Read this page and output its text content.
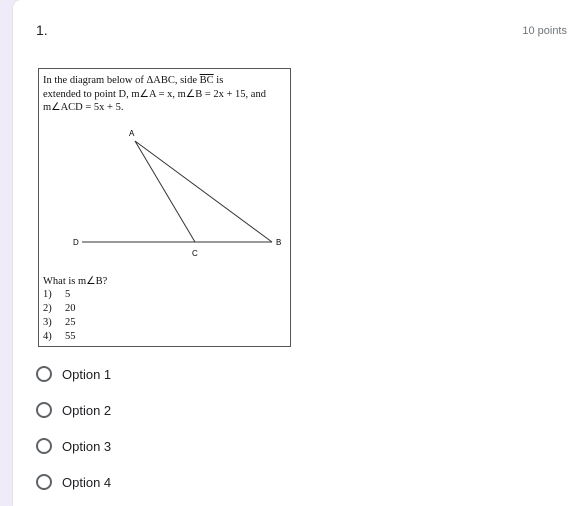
1.	10 points
In the diagram below of ΔABC, side $\overline{BC}$ is
extended to point D, m∠A = x, m∠B = 2x + 15, and
m∠ACD = 5x + 5.
A
B
C
D
What is m∠B?
1) 5
2) 20
3) 25
4) 55
Option 1
Option 2
Option 3
Option 4
